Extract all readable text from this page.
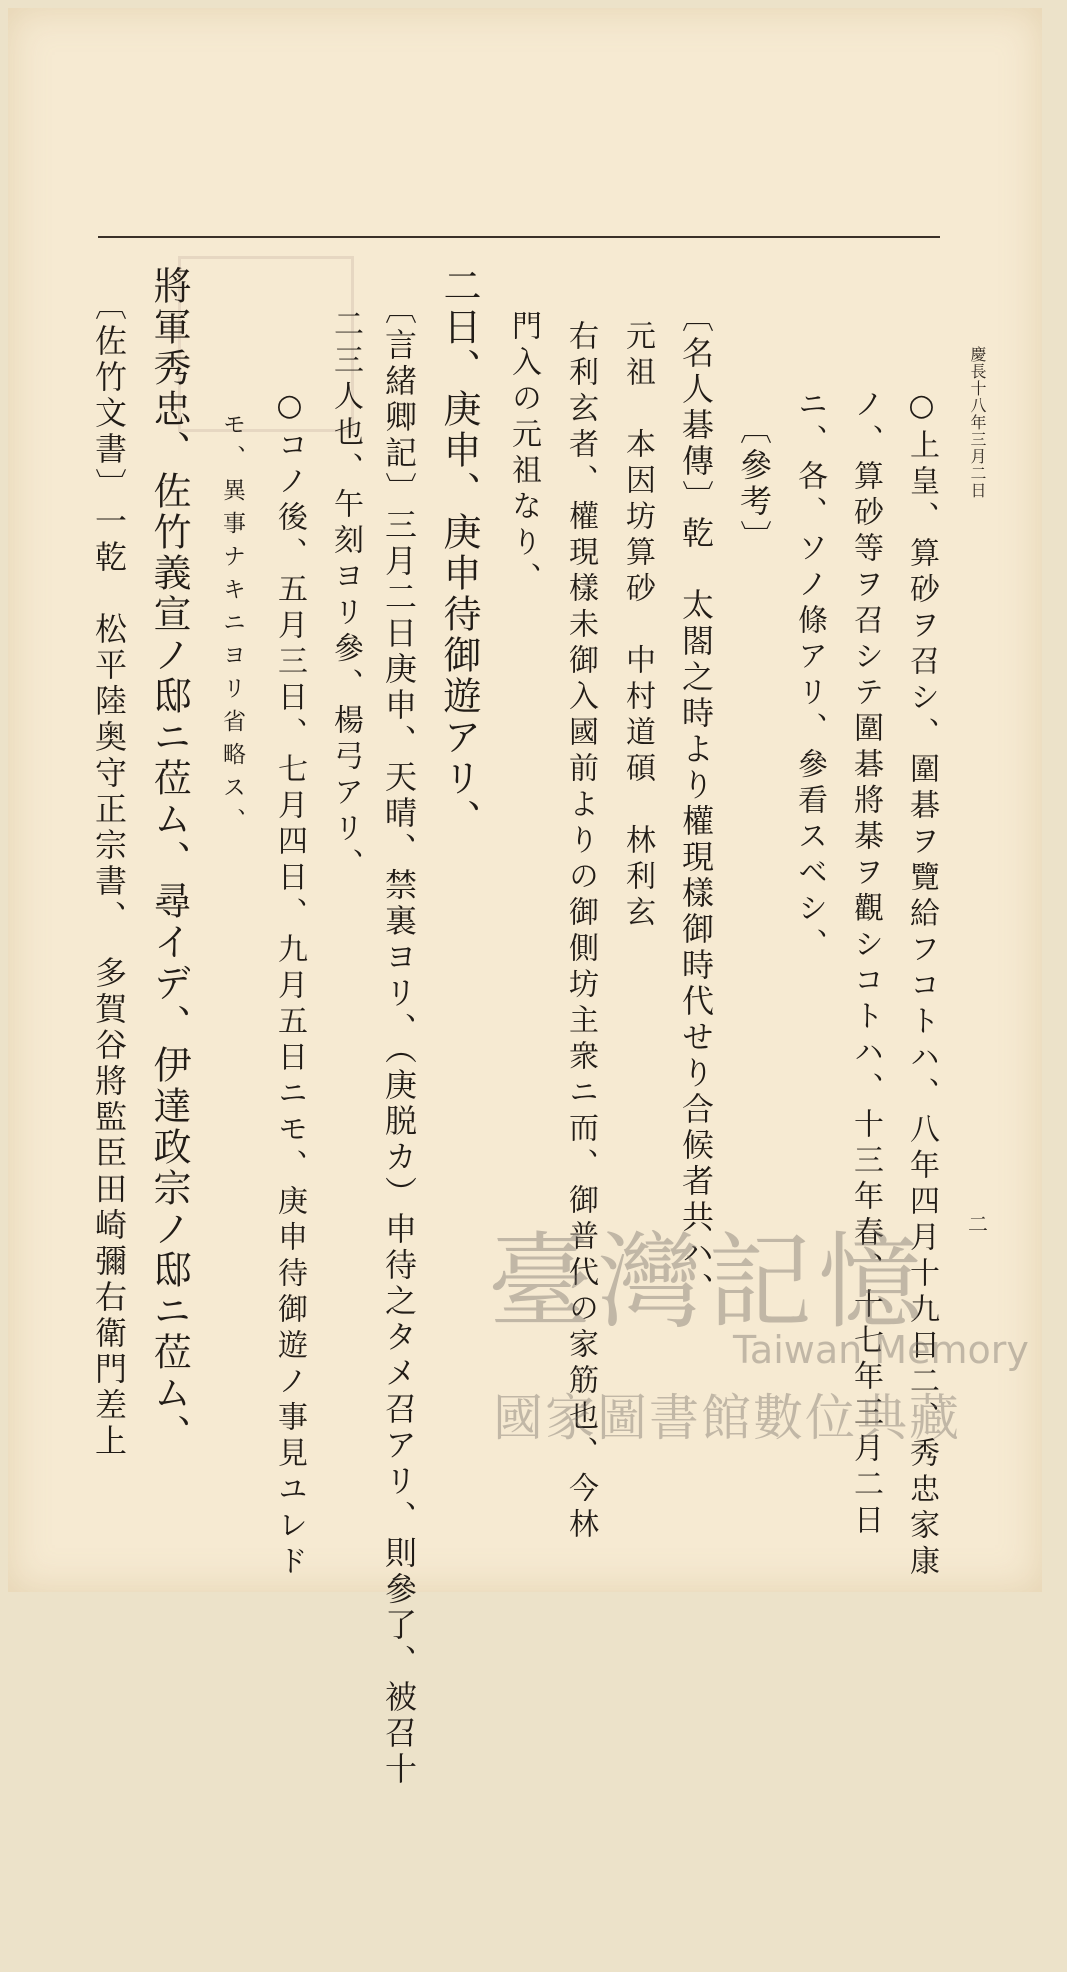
慶長十八年三月二日
二
○上皇、算砂ヲ召シ、圍碁ヲ覽給フコトハ、八年四月十九日二、秀忠家康
ノ、算砂等ヲ召シテ圍碁將棊ヲ觀シコトハ、十三年春、十七年三月二日
ニ、各、ソノ條アリ、參看スベシ、
〔參考〕
〔名人碁傳〕乾　太閤之時より權現樣御時代せり合候者共ハ、
元祖　本因坊算砂　中村道碩　林利玄
右利玄者、權現樣未御入國前よりの御側坊主衆ニ而、御普代の家筋也、今林
門入の元祖なり、
二日、庚申、庚申待御遊アリ、
〔言緒卿記〕三月二日庚申、天晴、禁裏ヨリ、（庚脱カ）申待之タメ召アリ、則參了、被召十
二三人也、午刻ヨリ參、楊弓アリ、
○コノ後、五月三日、七月四日、九月五日ニモ、庚申待御遊ノ事見ユレド
モ、異事ナキニヨリ省略ス、
將軍秀忠、佐竹義宣ノ邸ニ莅ム、尋イデ、伊達政宗ノ邸ニ莅ム、
〔佐竹文書〕一乾　松平陸奥守正宗書、　多賀谷將監臣田崎彌右衛門差上	臺灣記憶
Taiwan Memory
國家圖書館數位典藏
